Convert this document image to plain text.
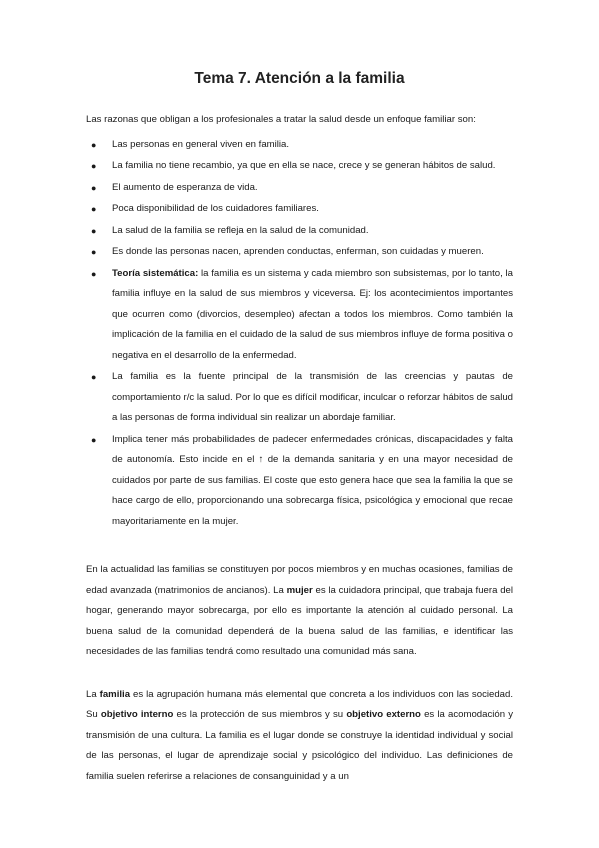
Tema 7. Atención a la familia

Las razonas que obligan a los profesionales a tratar la salud desde un enfoque familiar son:

● Las personas en general viven en familia.
● La familia no tiene recambio, ya que en ella se nace, crece y se generan hábitos de salud.
● El aumento de esperanza de vida.
● Poca disponibilidad de los cuidadores familiares.
● La salud de la familia se refleja en la salud de la comunidad.
● Es donde las personas nacen, aprenden conductas, enferman, son cuidadas y mueren.
● Teoría sistemática: la familia es un sistema y cada miembro son subsistemas, por lo tanto, la familia influye en la salud de sus miembros y viceversa. Ej: los acontecimientos importantes que ocurren como (divorcios, desempleo) afectan a todos los miembros. Como también la implicación de la familia en el cuidado de la salud de sus miembros influye de forma positiva o negativa en el desarrollo de la enfermedad.
● La familia es la fuente principal de la transmisión de las creencias y pautas de comportamiento r/c la salud. Por lo que es difícil modificar, inculcar o reforzar hábitos de salud a las personas de forma individual sin realizar un abordaje familiar.
● Implica tener más probabilidades de padecer enfermedades crónicas, discapacidades y falta de autonomía. Esto incide en el ↑ de la demanda sanitaria y en una mayor necesidad de cuidados por parte de sus familias. El coste que esto genera hace que sea la familia la que se hace cargo de ello, proporcionando una sobrecarga física, psicológica y emocional que recae mayoritariamente en la mujer.

En la actualidad las familias se constituyen por pocos miembros y en muchas ocasiones, familias de edad avanzada (matrimonios de ancianos). La mujer es la cuidadora principal, que trabaja fuera del hogar, generando mayor sobrecarga, por ello es importante la atención al cuidado personal. La buena salud de la comunidad dependerá de la buena salud de las familias, e identificar las necesidades de las familias tendrá como resultado una comunidad más sana.

La familia es la agrupación humana más elemental que concreta a los individuos con las sociedad. Su objetivo interno es la protección de sus miembros y su objetivo externo es la acomodación y transmisión de una cultura. La familia es el lugar donde se construye la identidad individual y social de las personas, el lugar de aprendizaje social y psicológico del individuo. Las definiciones de familia suelen referirse a relaciones de consanguinidad y a un
